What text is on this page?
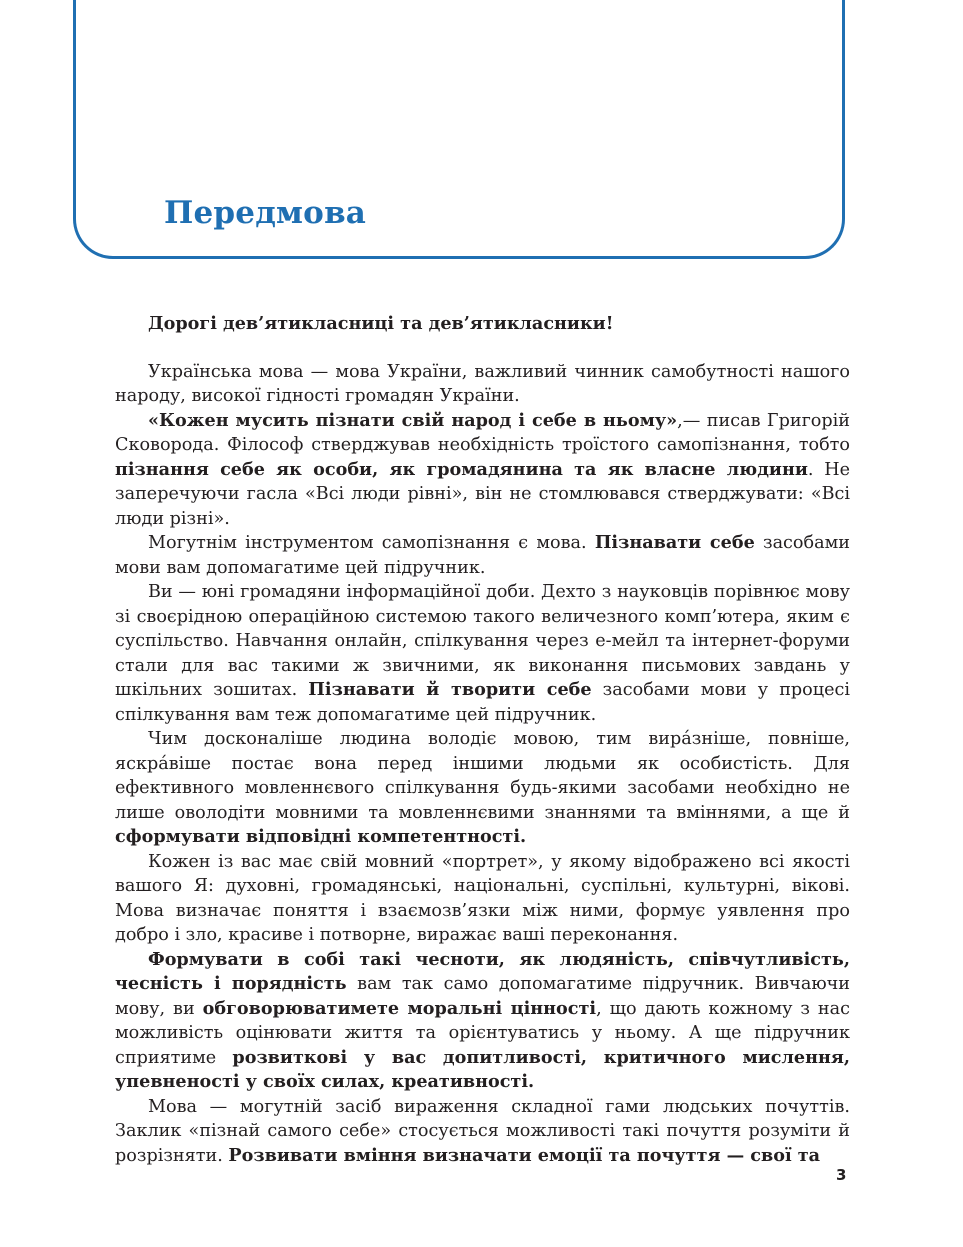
Передмова

Дорогі дев’ятикласниці та дев’ятикласники!

Українська мова — мова України, важливий чинник самобутності нашого народу, високої гідності громадян України.

«Кожен мусить пізнати свій народ і себе в ньому»,— писав Григорій Сковорода. Філософ стверджував необхідність троїстого самопізнання, тобто пізнання себе як особи, як громадянина та як власне людини. Не заперечуючи гасла «Всі люди рівні», він не стомлювався стверджувати: «Всі люди різні».

Могутнім інструментом самопізнання є мова. Пізнавати себе засобами мови вам допомагатиме цей підручник.

Ви — юні громадяни інформаційної доби. Дехто з науковців порівнює мову зі своєрідною операційною системою такого величезного комп’ютера, яким є суспільство. Навчання онлайн, спілкування через е-мейл та інтернет-форуми стали для вас такими ж звичними, як виконання письмових завдань у шкільних зошитах. Пізнавати й творити себе засобами мови у процесі спілкування вам теж допомагатиме цей підручник.

Чим досконаліше людина володіє мовою, тим вира́зніше, повніше, яскра́віше постає вона перед іншими людьми як особистість. Для ефективного мовленнєвого спілкування будь-якими засобами необхідно не лише оволодіти мовними та мовленнєвими знаннями та вміннями, а ще й сформувати відповідні компетентності.

Кожен із вас має свій мовний «портрет», у якому відображено всі якості вашого Я: духовні, громадянські, національні, суспільні, культурні, вікові. Мова визначає поняття і взаємозв’язки між ними, формує уявлення про добро і зло, красиве і потворне, виражає ваші переконання.

Формувати в собі такі чесноти, як людяність, співчутливість, чесність і порядність вам так само допомагатиме підручник. Вивчаючи мову, ви обговорюватимете моральні цінності, що дають кожному з нас можливість оцінювати життя та орієнтуватись у ньому. А ще підручник сприятиме розвиткові у вас допитливості, критичного мислення, упевненості у своїх силах, креативності.

Мова — могутній засіб вираження складної гами людських почуттів. Заклик «пізнай самого себе» стосується можливості такі почуття розуміти й розрізняти. Розвивати вміння визначати емоції та почуття — свої та

3
